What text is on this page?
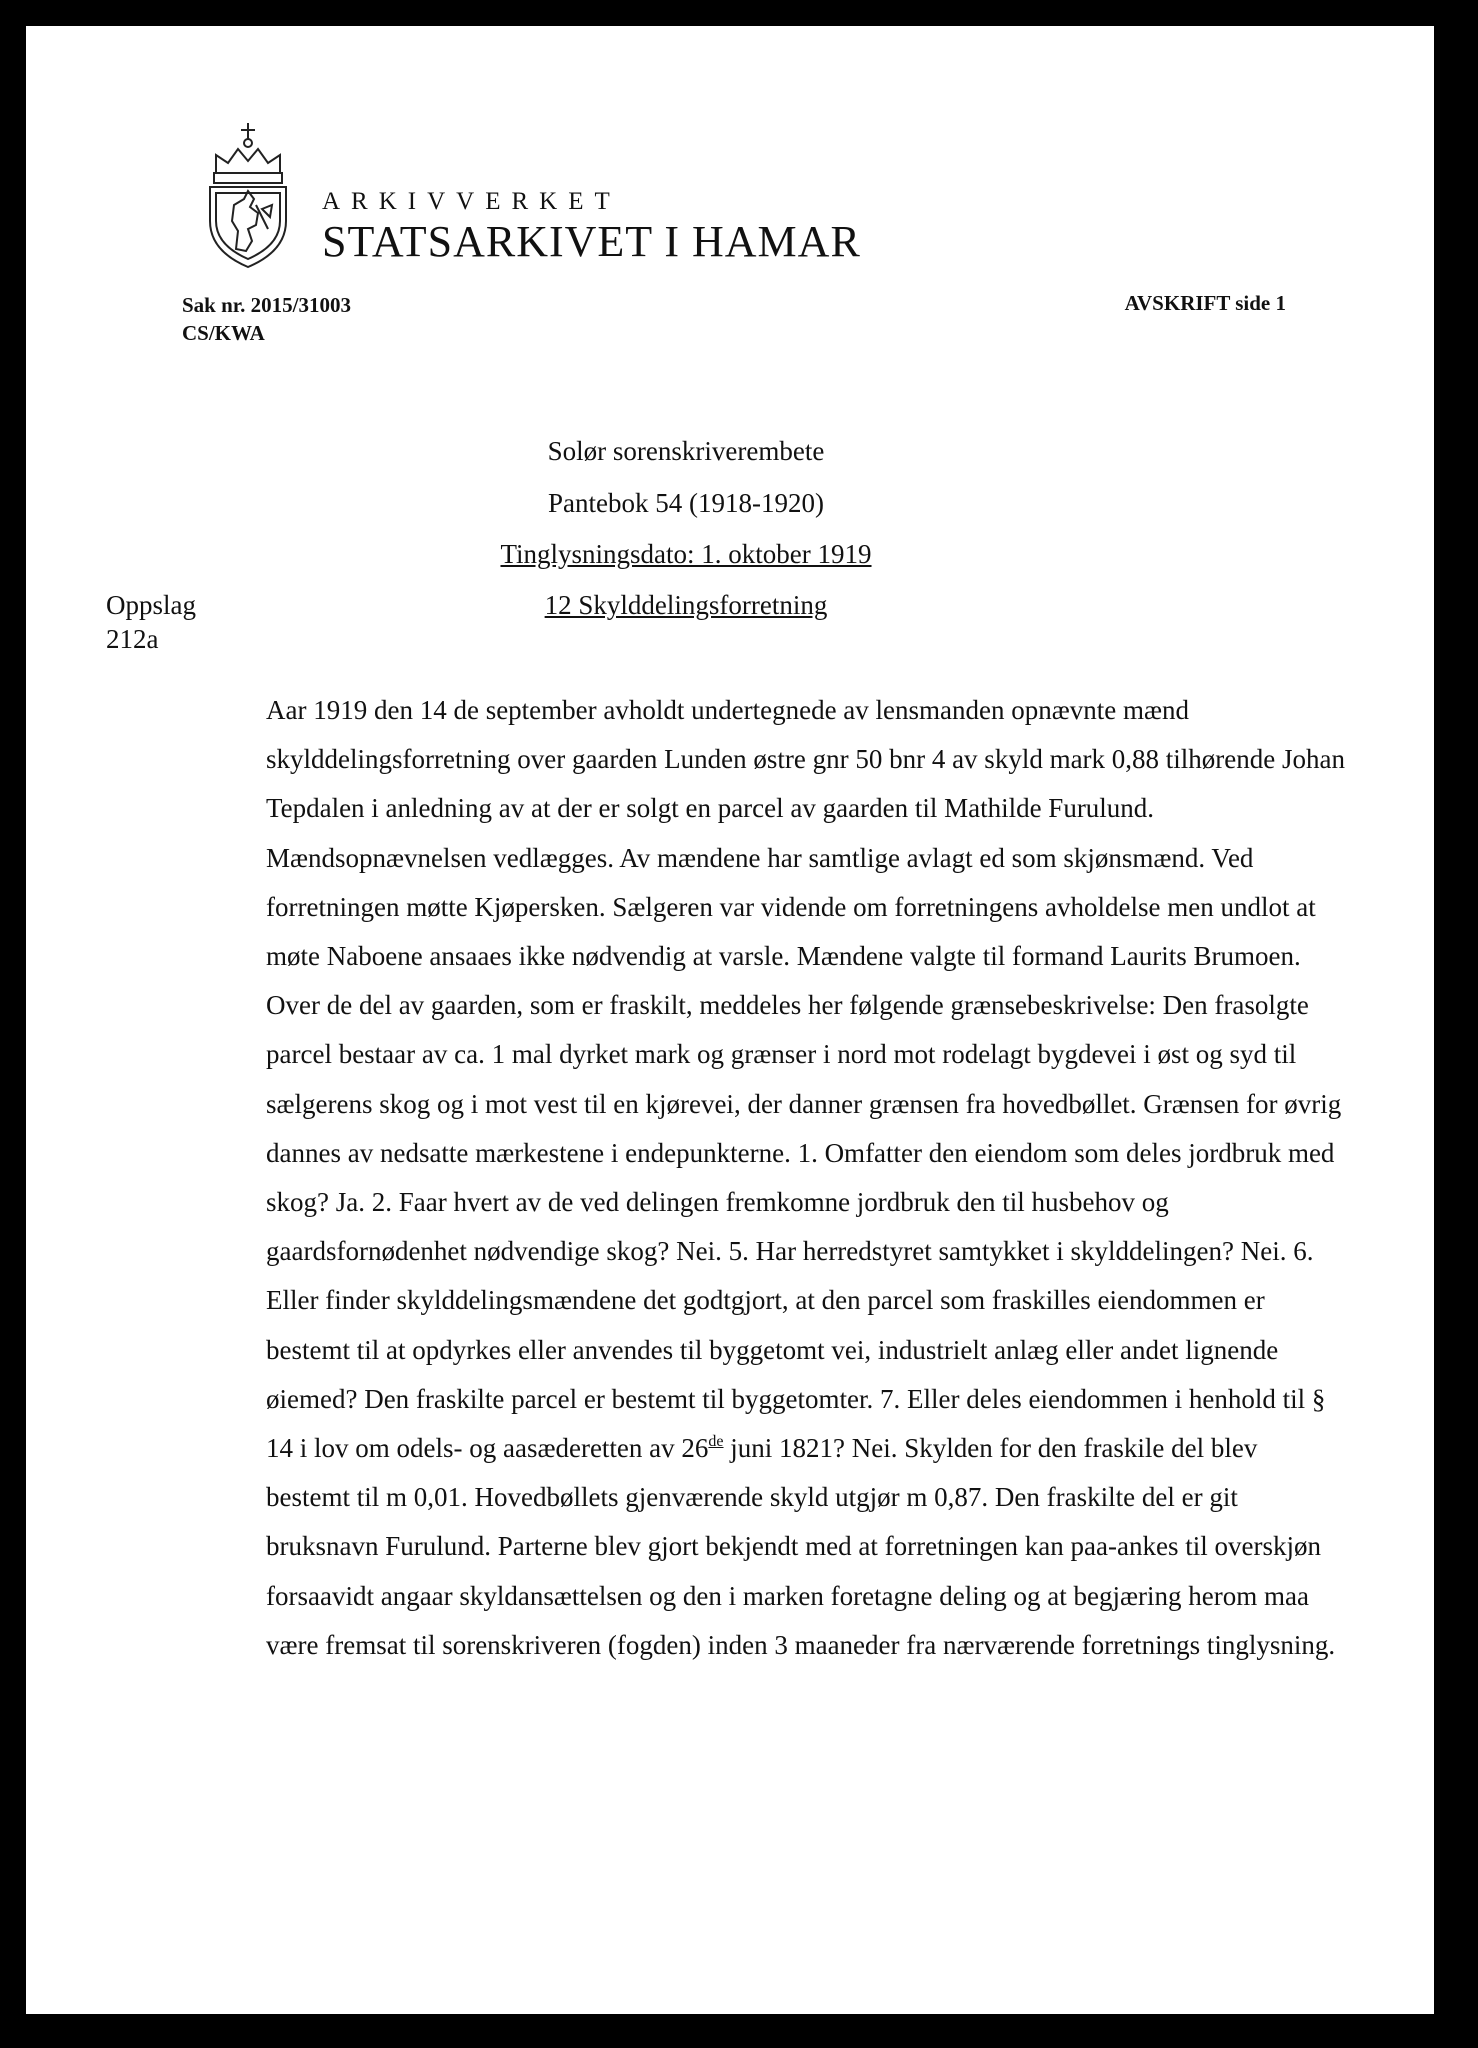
ARKIVVERKET
STATSARKIVET I HAMAR
Sak nr. 2015/31003
CS/KWA
AVSKRIFT side 1
Solør sorenskriverembete
Pantebok 54 (1918-1920)
Tinglysningsdato: 1. oktober 1919
12 Skylddelingsforretning
Oppslag
212a

Aar 1919 den 14 de september avholdt undertegnede av lensmanden opnævnte mænd skylddelingsforretning over gaarden Lunden østre gnr 50 bnr 4 av skyld mark 0,88 tilhørende Johan Tepdalen i anledning av at der er solgt en parcel av gaarden til Mathilde Furulund. Mændsopnævnelsen vedlægges. Av mændene har samtlige avlagt ed som skjønsmænd. Ved forretningen møtte Kjøpersken. Sælgeren var vidende om forretningens avholdelse men undlot at møte Naboene ansaaes ikke nødvendig at varsle. Mændene valgte til formand Laurits Brumoen. Over de del av gaarden, som er fraskilt, meddeles her følgende grænsebeskrivelse: Den frasolgte parcel bestaar av ca. 1 mal dyrket mark og grænser i nord mot rodelagt bygdevei i øst og syd til sælgerens skog og i mot vest til en kjørevei, der danner grænsen fra hovedbøllet. Grænsen for øvrig dannes av nedsatte mærkestene i endepunkterne. 1. Omfatter den eiendom som deles jordbruk med skog? Ja. 2. Faar hvert av de ved delingen fremkomne jordbruk den til husbehov og gaardsfornødenhet nødvendige skog? Nei. 5. Har herredstyret samtykket i skylddelingen? Nei. 6. Eller finder skylddelingsmændene det godtgjort, at den parcel som fraskilles eiendommen er bestemt til at opdyrkes eller anvendes til byggetomt vei, industrielt anlæg eller andet lignende øiemed? Den fraskilte parcel er bestemt til byggetomter. 7. Eller deles eiendommen i henhold til § 14 i lov om odels- og aasæderetten av 26de juni 1821? Nei. Skylden for den fraskile del blev bestemt til m 0,01. Hovedbøllets gjenværende skyld utgjør m 0,87. Den fraskilte del er git bruksnavn Furulund. Parterne blev gjort bekjendt med at forretningen kan paa-ankes til overskjøn forsaavidt angaar skyldansættelsen og den i marken foretagne deling og at begjæring herom maa være fremsat til sorenskriveren (fogden) inden 3 maaneder fra nærværende forretnings tinglysning.
